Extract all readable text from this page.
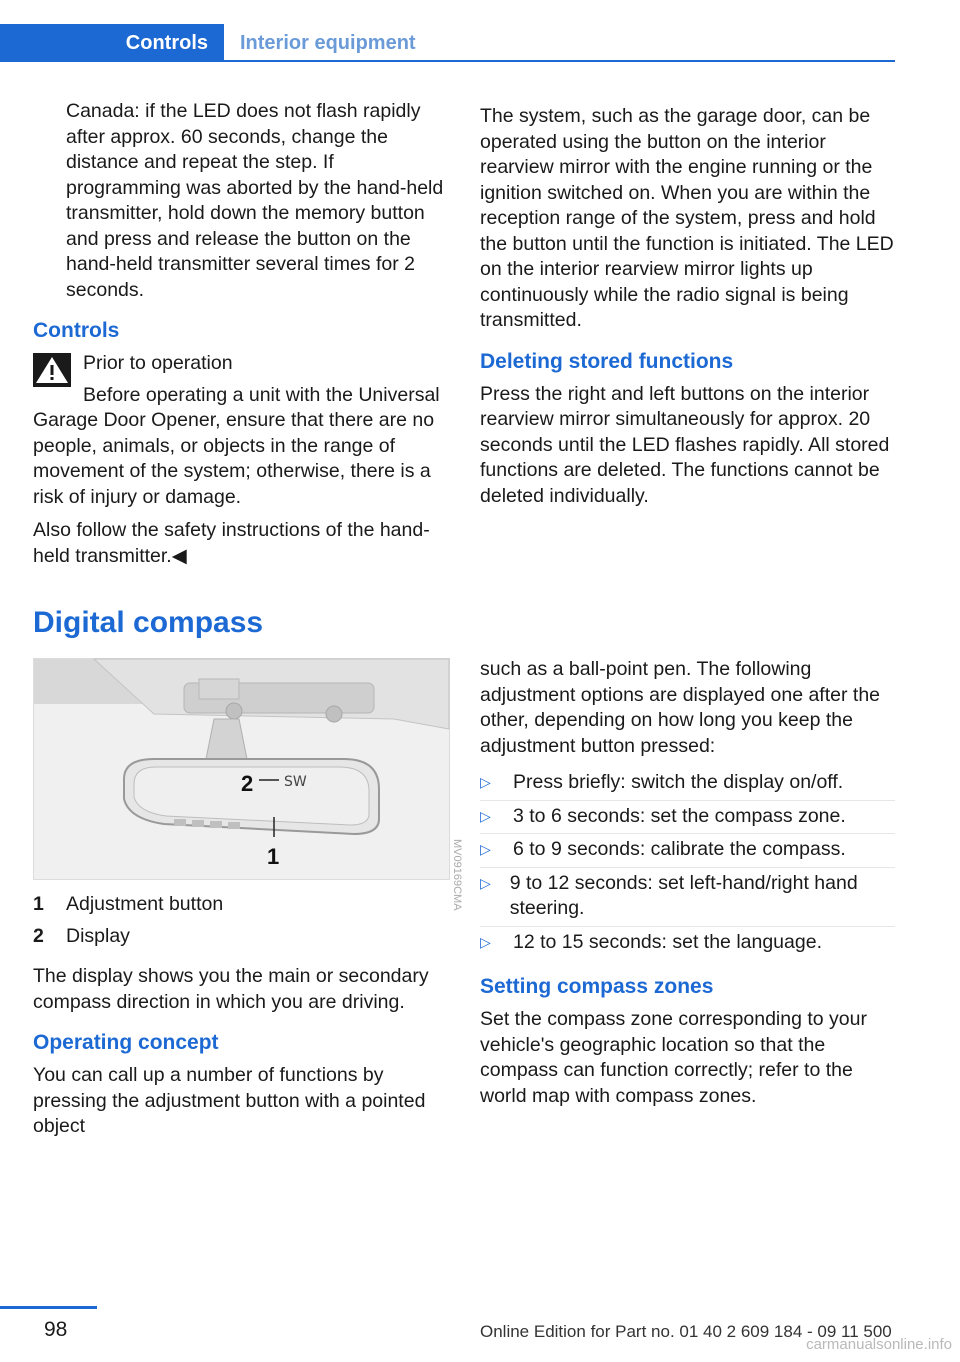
Controls	Interior equipment

Canada: if the LED does not flash rapidly after approx. 60 seconds, change the distance and repeat the step. If programming was aborted by the hand-held transmitter, hold down the memory button and press and release the button on the hand-held transmitter several times for 2 seconds.

Controls

Prior to operation

Before operating a unit with the Universal Garage Door Opener, ensure that there are no people, animals, or objects in the range of movement of the system; otherwise, there is a risk of injury or damage.

Also follow the safety instructions of the hand-held transmitter.◀

The system, such as the garage door, can be operated using the button on the interior rearview mirror with the engine running or the ignition switched on. When you are within the reception range of the system, press and hold the button until the function is initiated. The LED on the interior rearview mirror lights up continuously while the radio signal is being transmitted.

Deleting stored functions

Press the right and left buttons on the interior rearview mirror simultaneously for approx. 20 seconds until the LED flashes rapidly. All stored functions are deleted. The functions cannot be deleted individually.

Digital compass
SW
2
1	MV09169CMA
1	Adjustment button
2	Display

The display shows you the main or secondary compass direction in which you are driving.

Operating concept

You can call up a number of functions by pressing the adjustment button with a pointed object

such as a ball-point pen. The following adjustment options are displayed one after the other, depending on how long you keep the adjustment button pressed:

▷	Press briefly: switch the display on/off.
▷	3 to 6 seconds: set the compass zone.
▷	6 to 9 seconds: calibrate the compass.
▷ 9 to 12 seconds: set left-hand/right hand steering.
▷	12 to 15 seconds: set the language.
Setting compass zones

Set the compass zone corresponding to your vehicle's geographic location so that the compass can function correctly; refer to the world map with compass zones.

98	Online Edition for Part no. 01 40 2 609 184 - 09 11 500
carmanualsonline.info
